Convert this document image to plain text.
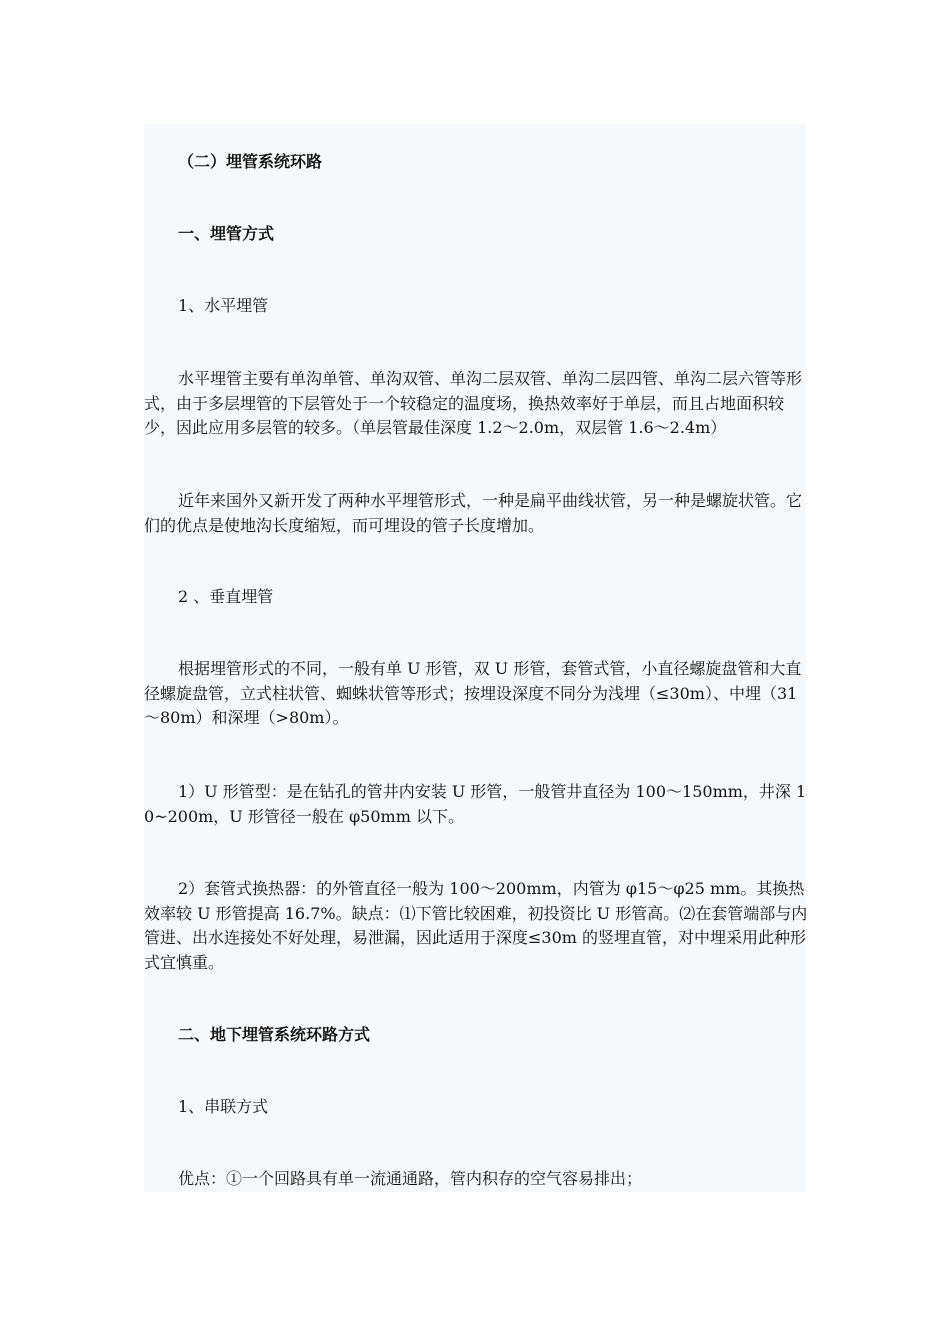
（二）埋管系统环路
一、埋管方式
1、水平埋管
水平埋管主要有单沟单管、单沟双管、单沟二层双管、单沟二层四管、单沟二层六管等形式，由于多层埋管的下层管处于一个较稳定的温度场，换热效率好于单层，而且占地面积较少，因此应用多层管的较多。（单层管最佳深度 1.2～2.0m，双层管 1.6～2.4m）
近年来国外又新开发了两种水平埋管形式，一种是扁平曲线状管，另一种是螺旋状管。它们的优点是使地沟长度缩短，而可埋设的管子长度增加。
2 、垂直埋管
根据埋管形式的不同，一般有单 U 形管，双 U 形管，套管式管，小直径螺旋盘管和大直径螺旋盘管，立式柱状管、蜘蛛状管等形式；按埋设深度不同分为浅埋（≤30m）、中埋（31～80m）和深埋（>80m）。
1）U 形管型：是在钻孔的管井内安装 U 形管，一般管井直径为 100～150mm，井深 10~200m，U 形管径一般在 φ50mm 以下。
2）套管式换热器：的外管直径一般为 100～200mm，内管为 φ15～φ25 mm。其换热效率较 U 形管提高 16.7%。缺点：⑴下管比较困难，初投资比 U 形管高。⑵在套管端部与内管进、出水连接处不好处理，易泄漏，因此适用于深度≤30m 的竖埋直管，对中埋采用此种形式宜慎重。
二、地下埋管系统环路方式
1、串联方式
优点：①一个回路具有单一流通通路，管内积存的空气容易排出；
